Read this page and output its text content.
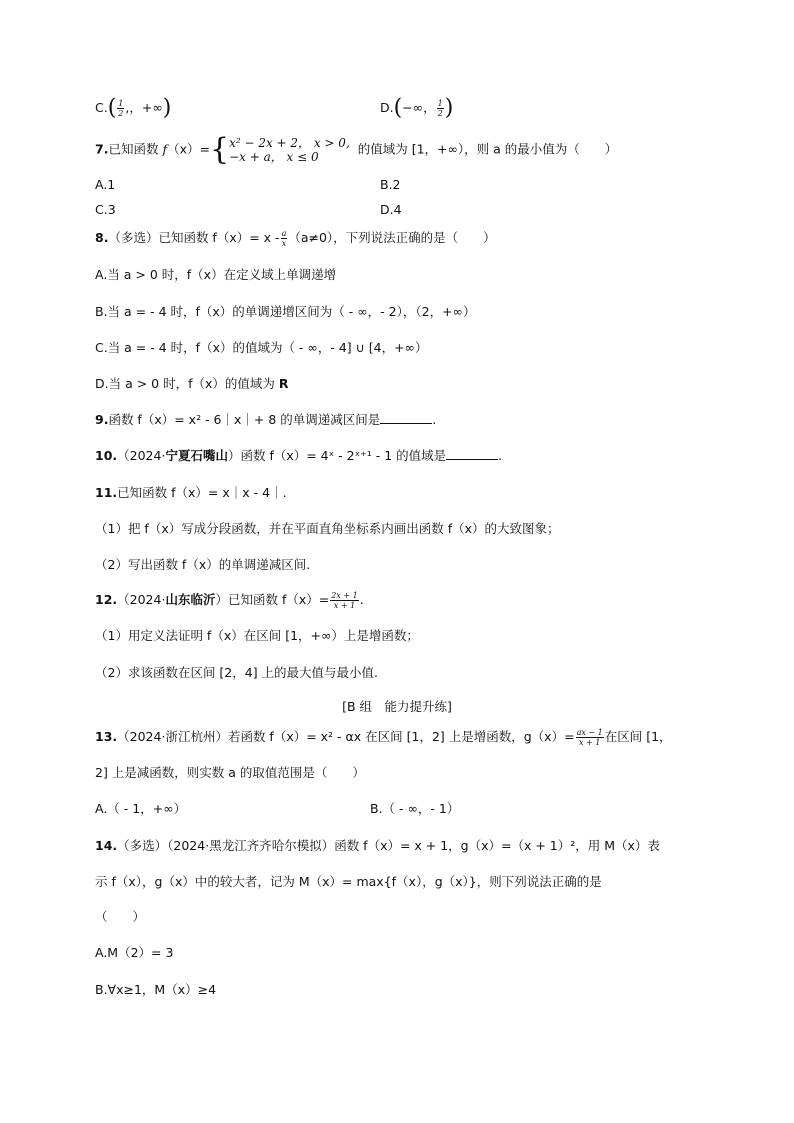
$C.( \frac{1}{2}$ ,，+∞)	D.(−∞， $\frac{1}{2}$ )
7.已知函数 f（x）={ x² − 2x + 2， x > 0,
−x + a， x ≤ 0
的值域为 [1，+∞），则 a 的最小值为（　　）
A.1	B.2
C.3	D.4
8.（多选）已知函数 $f(x)= x - \frac{a}{x} (a\ne 0)$，下列说法正确的是（　　）
A.当 a > 0 时，f（x）在定义域上单调递增
B.当 a = - 4 时，f（x）的单调递增区间为（ - ∞，- 2），（2，+∞）
C.当 a = - 4 时，f（x）的值域为（ - ∞，- 4] ∪ [4，+∞）
D.当 a > 0 时，f（x）的值域为 R
9.函数 f（x）= x² - 6｜x｜+ 8 的单调递减区间是	.
10.（2024·宁夏石嘴山）函数 f（x）= 4ˣ - 2ˣ⁺¹ - 1 的值域是	.
11.已知函数 f（x）= x｜x - 4｜.
（1）把 f（x）写成分段函数，并在平面直角坐标系内画出函数 f（x）的大致图象；
（2）写出函数 f（x）的单调递减区间.
12.（2024·山东临沂）已知函数 $f(x)= \frac{2x + 1}{x + 1}$ .
（1）用定义法证明 f（x）在区间 [1，+∞）上是增函数；
（2）求该函数在区间 [2，4] 上的最大值与最小值.
[B 组　能力提升练]
13.（2024·浙江杭州）若函数 f（x）= x² - αx 在区间 [1，2] 上是增函数，$g(x)= \frac{ax - 1}{x + 1}$ 在区间 [1，
2] 上是减函数，则实数 a 的取值范围是（　　）
A.（ - 1，+∞）	B.（ - ∞，- 1）
14.（多选）（2024·黑龙江齐齐哈尔模拟）函数 f（x）= x + 1，g（x）=（x + 1）²，用 M（x）表
示 f（x），g（x）中的较大者，记为 M（x）= max{f（x），g（x）}，则下列说法正确的是
（　　）
A.M（2）= 3
B.∀x≥1，M（x）≥4
